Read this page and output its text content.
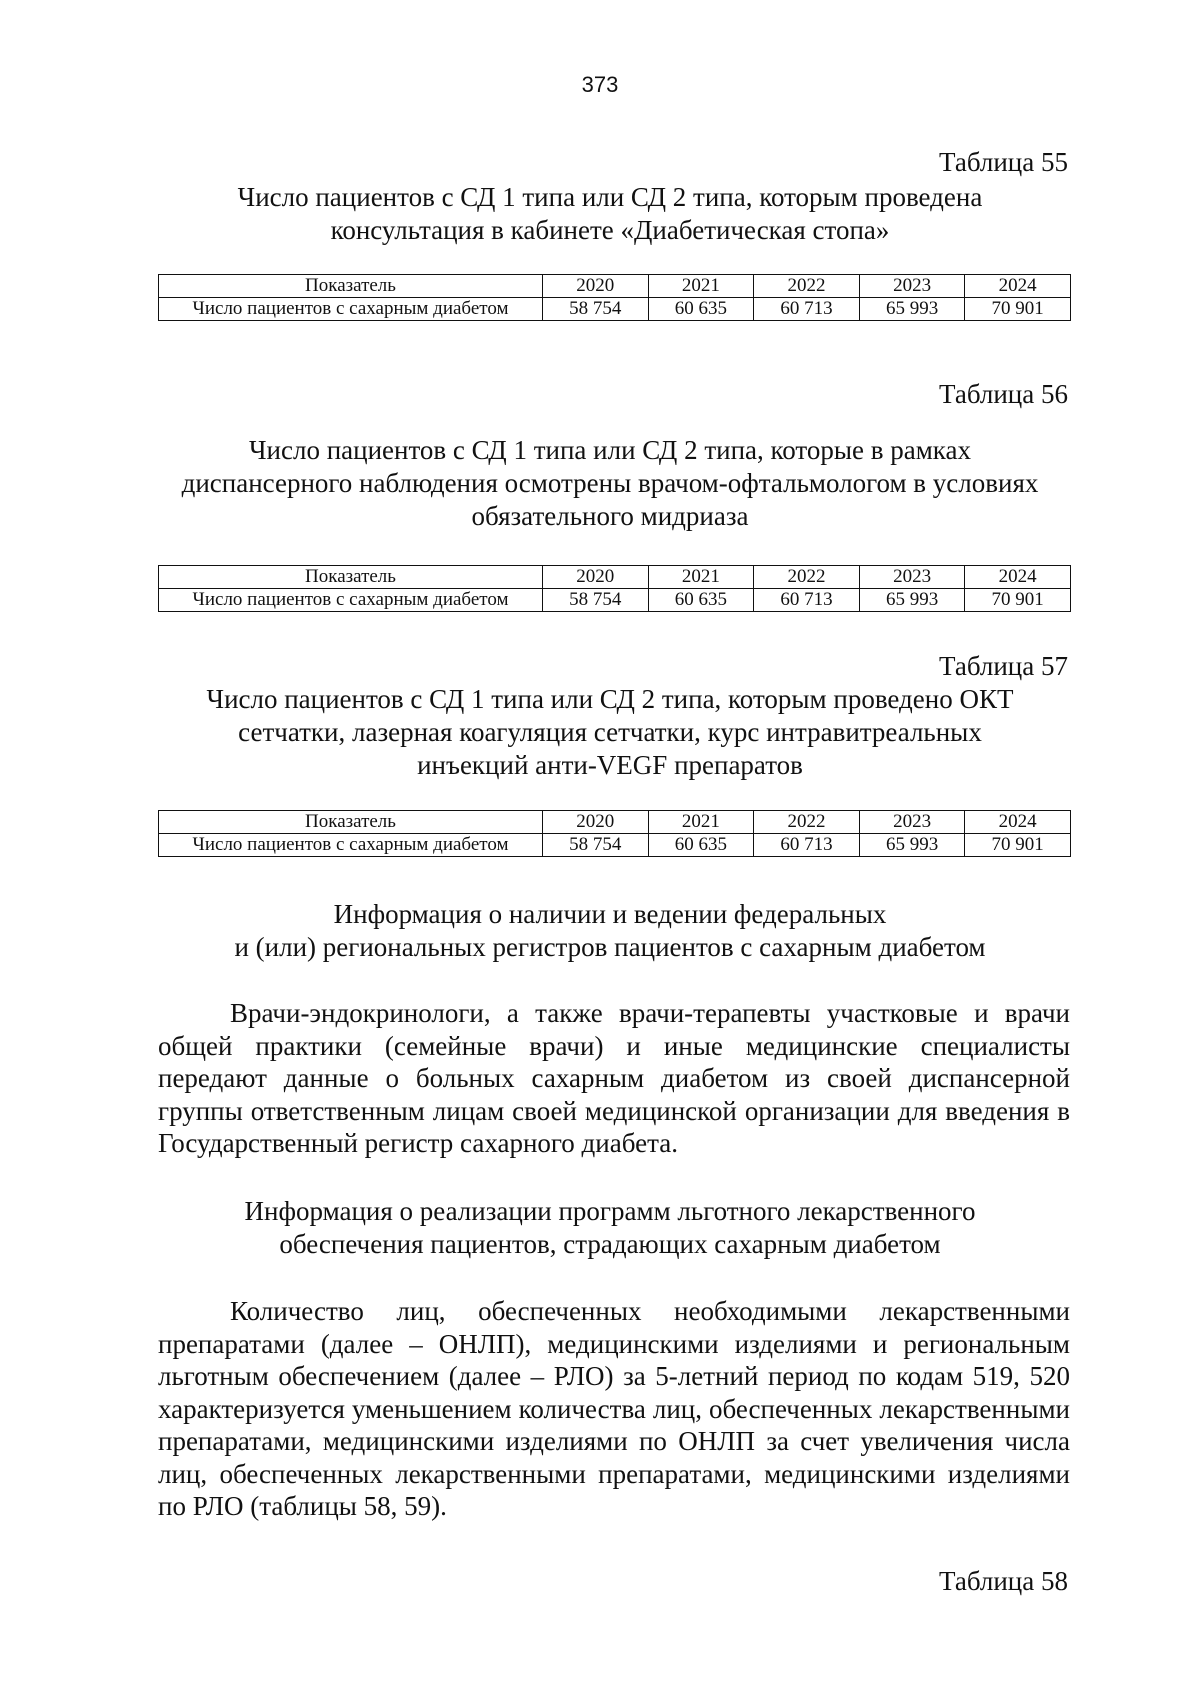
373
Таблица 55
Число пациентов с СД 1 типа или СД 2 типа, которым проведена
консультация в кабинете «Диабетическая стопа»
Показатель	2020	2021	2022	2023	2024
Число пациентов с сахарным диабетом	58 754	60 635	60 713	65 993	70 901
Таблица 56
Число пациентов с СД 1 типа или СД 2 типа, которые в рамках
диспансерного наблюдения осмотрены врачом-офтальмологом в условиях
обязательного мидриаза
Показатель	2020	2021	2022	2023	2024
Число пациентов с сахарным диабетом	58 754	60 635	60 713	65 993	70 901
Таблица 57
Число пациентов с СД 1 типа или СД 2 типа, которым проведено ОКТ
сетчатки, лазерная коагуляция сетчатки, курс интравитреальных
инъекций анти-VEGF препаратов
Показатель	2020	2021	2022	2023	2024
Число пациентов с сахарным диабетом	58 754	60 635	60 713	65 993	70 901
Информация о наличии и ведении федеральных
и (или) региональных регистров пациентов с сахарным диабетом

Врачи-эндокринологи, а также врачи-терапевты участковые и врачи общей практики (семейные врачи) и иные медицинские специалисты передают данные о больных сахарным диабетом из своей диспансерной группы ответственным лицам своей медицинской организации для введения в Государственный регистр сахарного диабета.

Информация о реализации программ льготного лекарственного
обеспечения пациентов, страдающих сахарным диабетом

Количество лиц, обеспеченных необходимыми лекарственными препаратами (далее – ОНЛП), медицинскими изделиями и региональным льготным обеспечением (далее – РЛО) за 5-летний период по кодам 519, 520 характеризуется уменьшением количества лиц, обеспеченных лекарственными препаратами, медицинскими изделиями по ОНЛП за счет увеличения числа лиц, обеспеченных лекарственными препаратами, медицинскими изделиями по РЛО (таблицы 58, 59).

Таблица 58
